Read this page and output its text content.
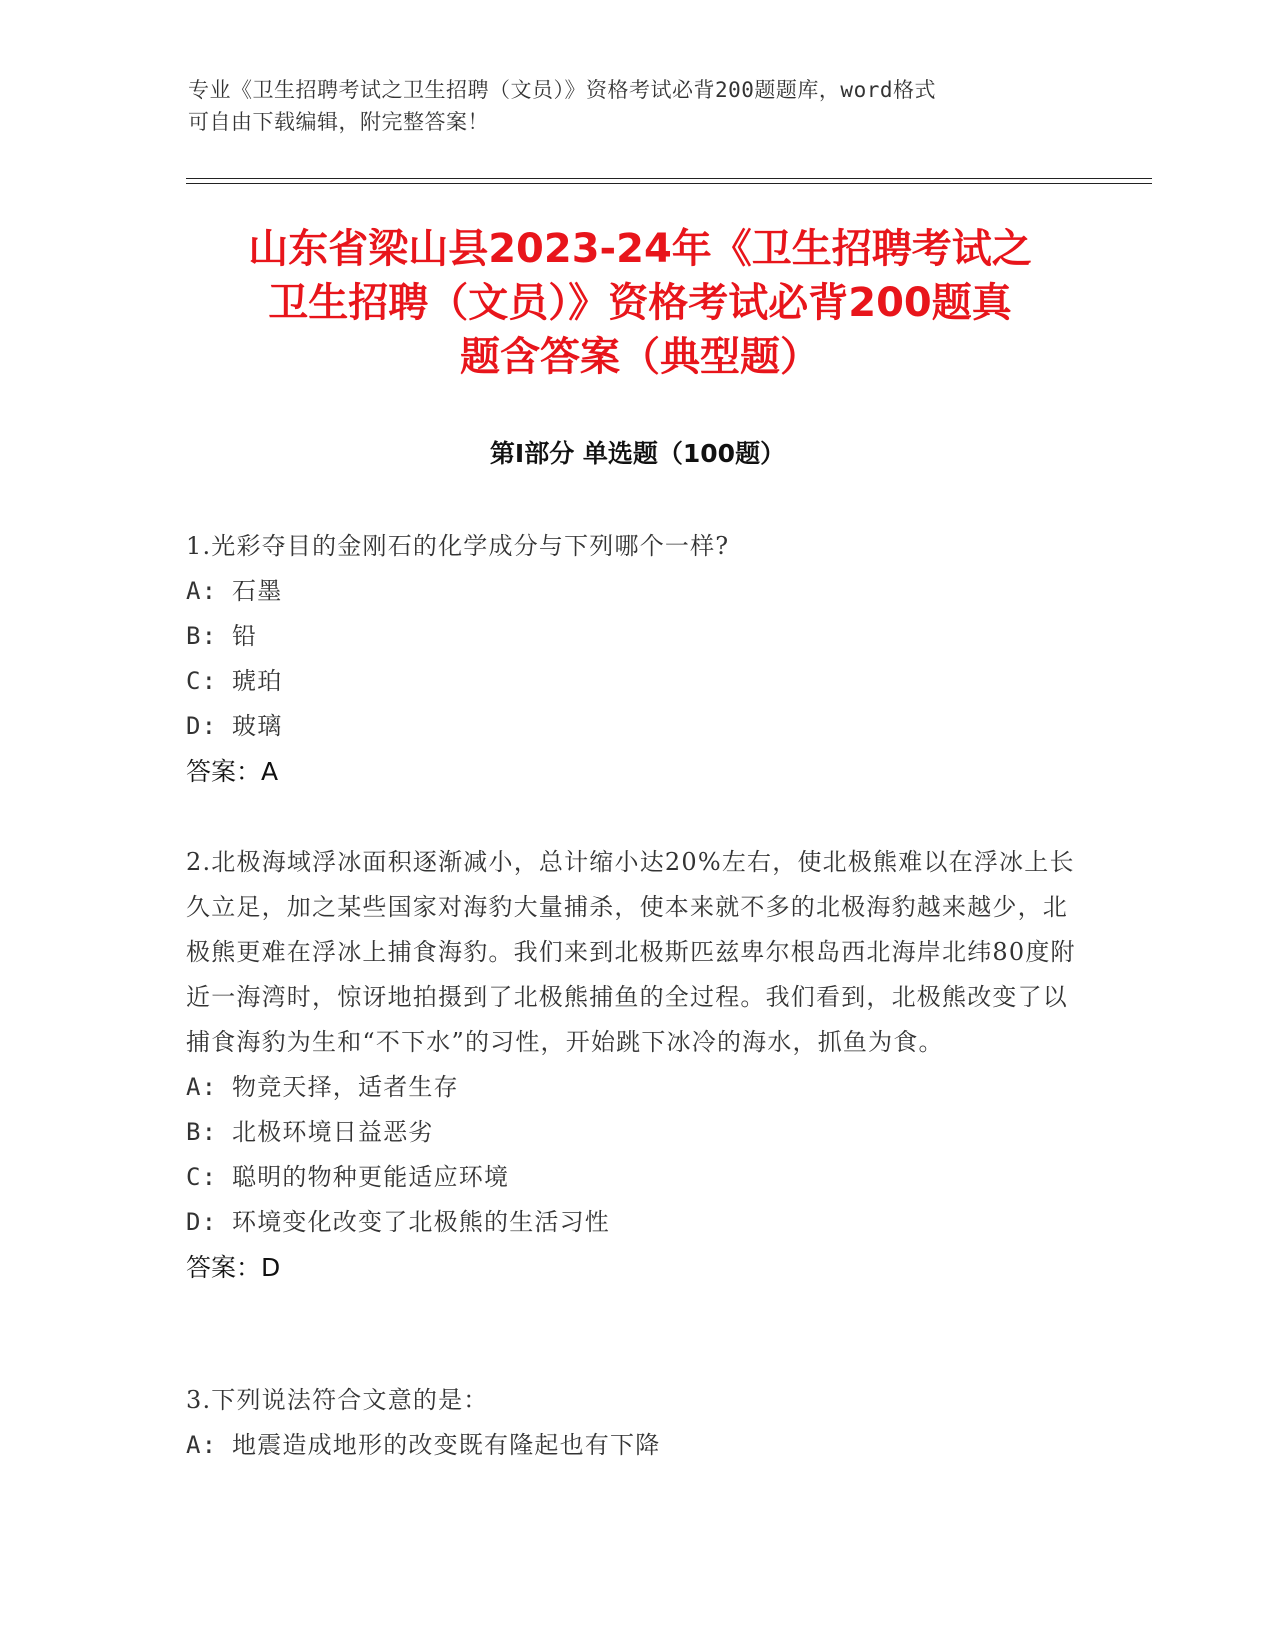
专业《卫生招聘考试之卫生招聘（文员）》资格考试必背200题题库，word格式
可自由下载编辑，附完整答案！
山东省梁山县2023-24年《卫生招聘考试之
卫生招聘（文员）》资格考试必背200题真
题含答案（典型题）
第Ⅰ部分 单选题（100题）

1.光彩夺目的金刚石的化学成分与下列哪个一样?

A: 石墨
B: 铅
C: 琥珀
D: 玻璃

答案：A

2.北极海域浮冰面积逐渐减小，总计缩小达20%左右，使北极熊难以在浮冰上长久立足，加之某些国家对海豹大量捕杀，使本来就不多的北极海豹越来越少，北极熊更难在浮冰上捕食海豹。我们来到北极斯匹兹卑尔根岛西北海岸北纬80度附近一海湾时，惊讶地拍摄到了北极熊捕鱼的全过程。我们看到，北极熊改变了以捕食海豹为生和“不下水”的习性，开始跳下冰冷的海水，抓鱼为食。

A: 物竞天择，适者生存
B: 北极环境日益恶劣
C: 聪明的物种更能适应环境
D: 环境变化改变了北极熊的生活习性

答案：D

3.下列说法符合文意的是：

A: 地震造成地形的改变既有隆起也有下降
